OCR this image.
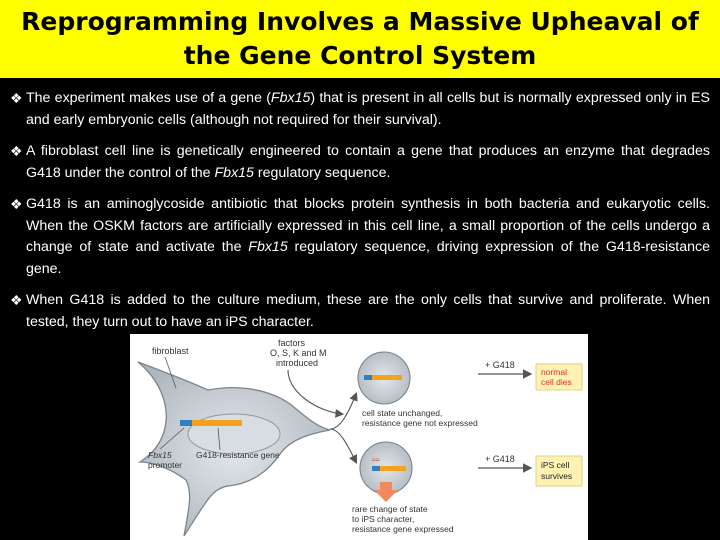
Reprogramming Involves a Massive Upheaval of the Gene Control System
❖ The experiment makes use of a gene (Fbx15) that is present in all cells but is normally expressed only in ES and early embryonic cells (although not required for their survival).
❖ A fibroblast cell line is genetically engineered to contain a gene that produces an enzyme that degrades G418 under the control of the Fbx15 regulatory sequence.
❖ G418 is an aminoglycoside antibiotic that blocks protein synthesis in both bacteria and eukaryotic cells. When the OSKM factors are artificially expressed in this cell line, a small proportion of the cells undergo a change of state and activate the Fbx15 regulatory sequence, driving expression of the G418-resistance gene.
❖ When G418 is added to the culture medium, these are the only cells that survive and proliferate. When tested, they turn out to have an iPS character.
fibroblast
Fbx15
promoter
G418-resistance gene
factors
O, S, K and M
introduced
cell state unchanged,
resistance gene not expressed
+ G418
normal
cell dies
≈≈	+ G418
iPS cell
survives
rare change of state
to iPS character,
resistance gene expressed
